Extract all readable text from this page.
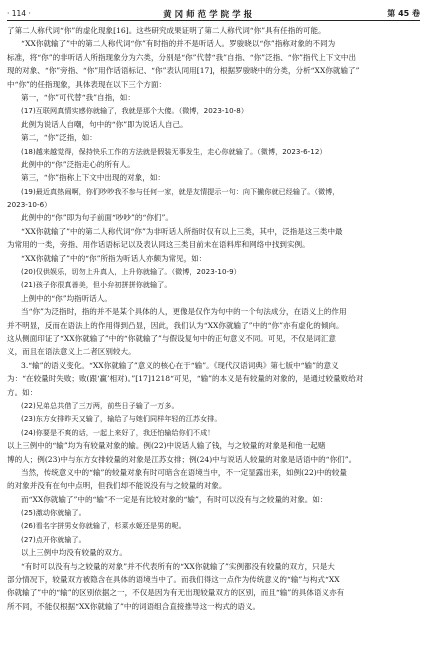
· 114 ·	黄冈师范学院学报	第 45 卷
了第二人称代词“你”的虚化现象[16]。这些研究成果证明了第二人称代词“你”具有任指的可能。
“XX你就输了”中的第二人称代词“你”有时指的并不是听话人。罗骏晓以“你”指称对象的不同为
标准，将“你”的非听话人所指现象分为六类，分别是“你”代替“我”自指、“你”泛指、“你”指代上下文中出
现的对象、“你”旁指、“你”用作话语标记、“你”表认同用[17]，根据罗骏晓中的分类，分析“XX你就输了”
中“你”的任指现象，具体表现在以下三个方面：
第一，“你”可代替“我”自指，如：
(17)互联网真情实感你就输了，我就是那个大傻。（微博，2023-10-8）
此例为说话人自嘲，句中的“你”即为说话人自己。
第二，“你”泛指，如：
(18)越来越觉得，保持快乐工作的方法就是假装无事发生，走心你就输了。（微博，2023-6-12）
此例中的“你”泛指走心的所有人。
第三，“你”指称上下文中出现的对象，如：
(19)最近真热闹啊，你们吵吵我不参与任何一家，就是友情提示一句：向下撇你就已经输了。（微博，
2023-10-6）
此例中的“你”即为句子前面“吵吵”的“你们”。
“XX你就输了”中的第二人称代词“你”为非听话人所指时仅有以上三类，其中，泛指是这三类中最
为常用的一类，旁指、用作话语标记以及表认同这三类目前未在语料库和网络中找到实例。
“XX你就输了”中的“你”所指为听话人亦颇为常见，如：
(20)仅供娱乐，切勿上升真人，上升你就输了。（微博，2023-10-9）
(21)孩子你很真善美，但小弁初拼拼你就输了。
上例中的“你”均指听话人。
当“你”为泛指时，指的并不是某个具体的人，更像是仅作为句中的一个句法成分，在语义上的作用
并不明显，反而在语法上的作用得到凸显，因此，我们认为“XX你就输了”中的“你”亦有虚化的倾向。
这从侧面印证了“XX你就输了”中的“你就输了”与假设复句中的正句意义不同。可见，不仅是词汇意
义，而且在语法意义上二者区别较大。
3.“输”的语义变化。“XX你就输了”意义的核心在于“输”。《现代汉语词典》第七版中“输”的意义
为：“在较量时失败；败(跟‘赢’相对)。”[17]1218“可见，“输”的本义是有较量的对象的，是通过较量败给对
方。如：
(22)兄弟总共借了三万两，前些日子输了一万多。
(23)东方女排昨天又输了，输给了与她们同样年轻的江苏女排。
(24)你要是不爽的话，一起上来好了，我还怕输给你们不成！
以上三例中的“输”均为有较量对象的输。例(22)中说话人输了钱，与之较量的对象是和他一起赌
博的人；例(23)中与东方女排较量的对象是江苏女排；例(24)中与说话人较量的对象是话语中的“你们”。
当然，传统意义中的“输”的较量对象有时可暗含在语境当中，不一定显露出来，如例(22)中的较量
的对象并没有在句中点明，但我们却不能说没有与之较量的对象。
而“XX你就输了”中的“输”不一定是有比较对象的“输”，有时可以没有与之较量的对象。如：
(25)激动你就输了。
(26)看名字拼男女你就输了，杉菜水姬还是男的呢。
(27)点开你就输了。
以上三例中均没有较量的双方。
“有时可以没有与之较量的对象”并不代表所有的“XX你就输了”实例都没有较量的双方，只是大
部分情况下，较量双方被隐含在具体的语境当中了。而我们得这一点作为传统意义的“输”与构式“XX
你就输了”中的“输”的区别依据之一，不仅是因为有无出现较量双方的区别，而且“输”的具体语义亦有
所不同，不能仅根据“XX你就输了”中的词语组合直接推导这一构式的语义。
